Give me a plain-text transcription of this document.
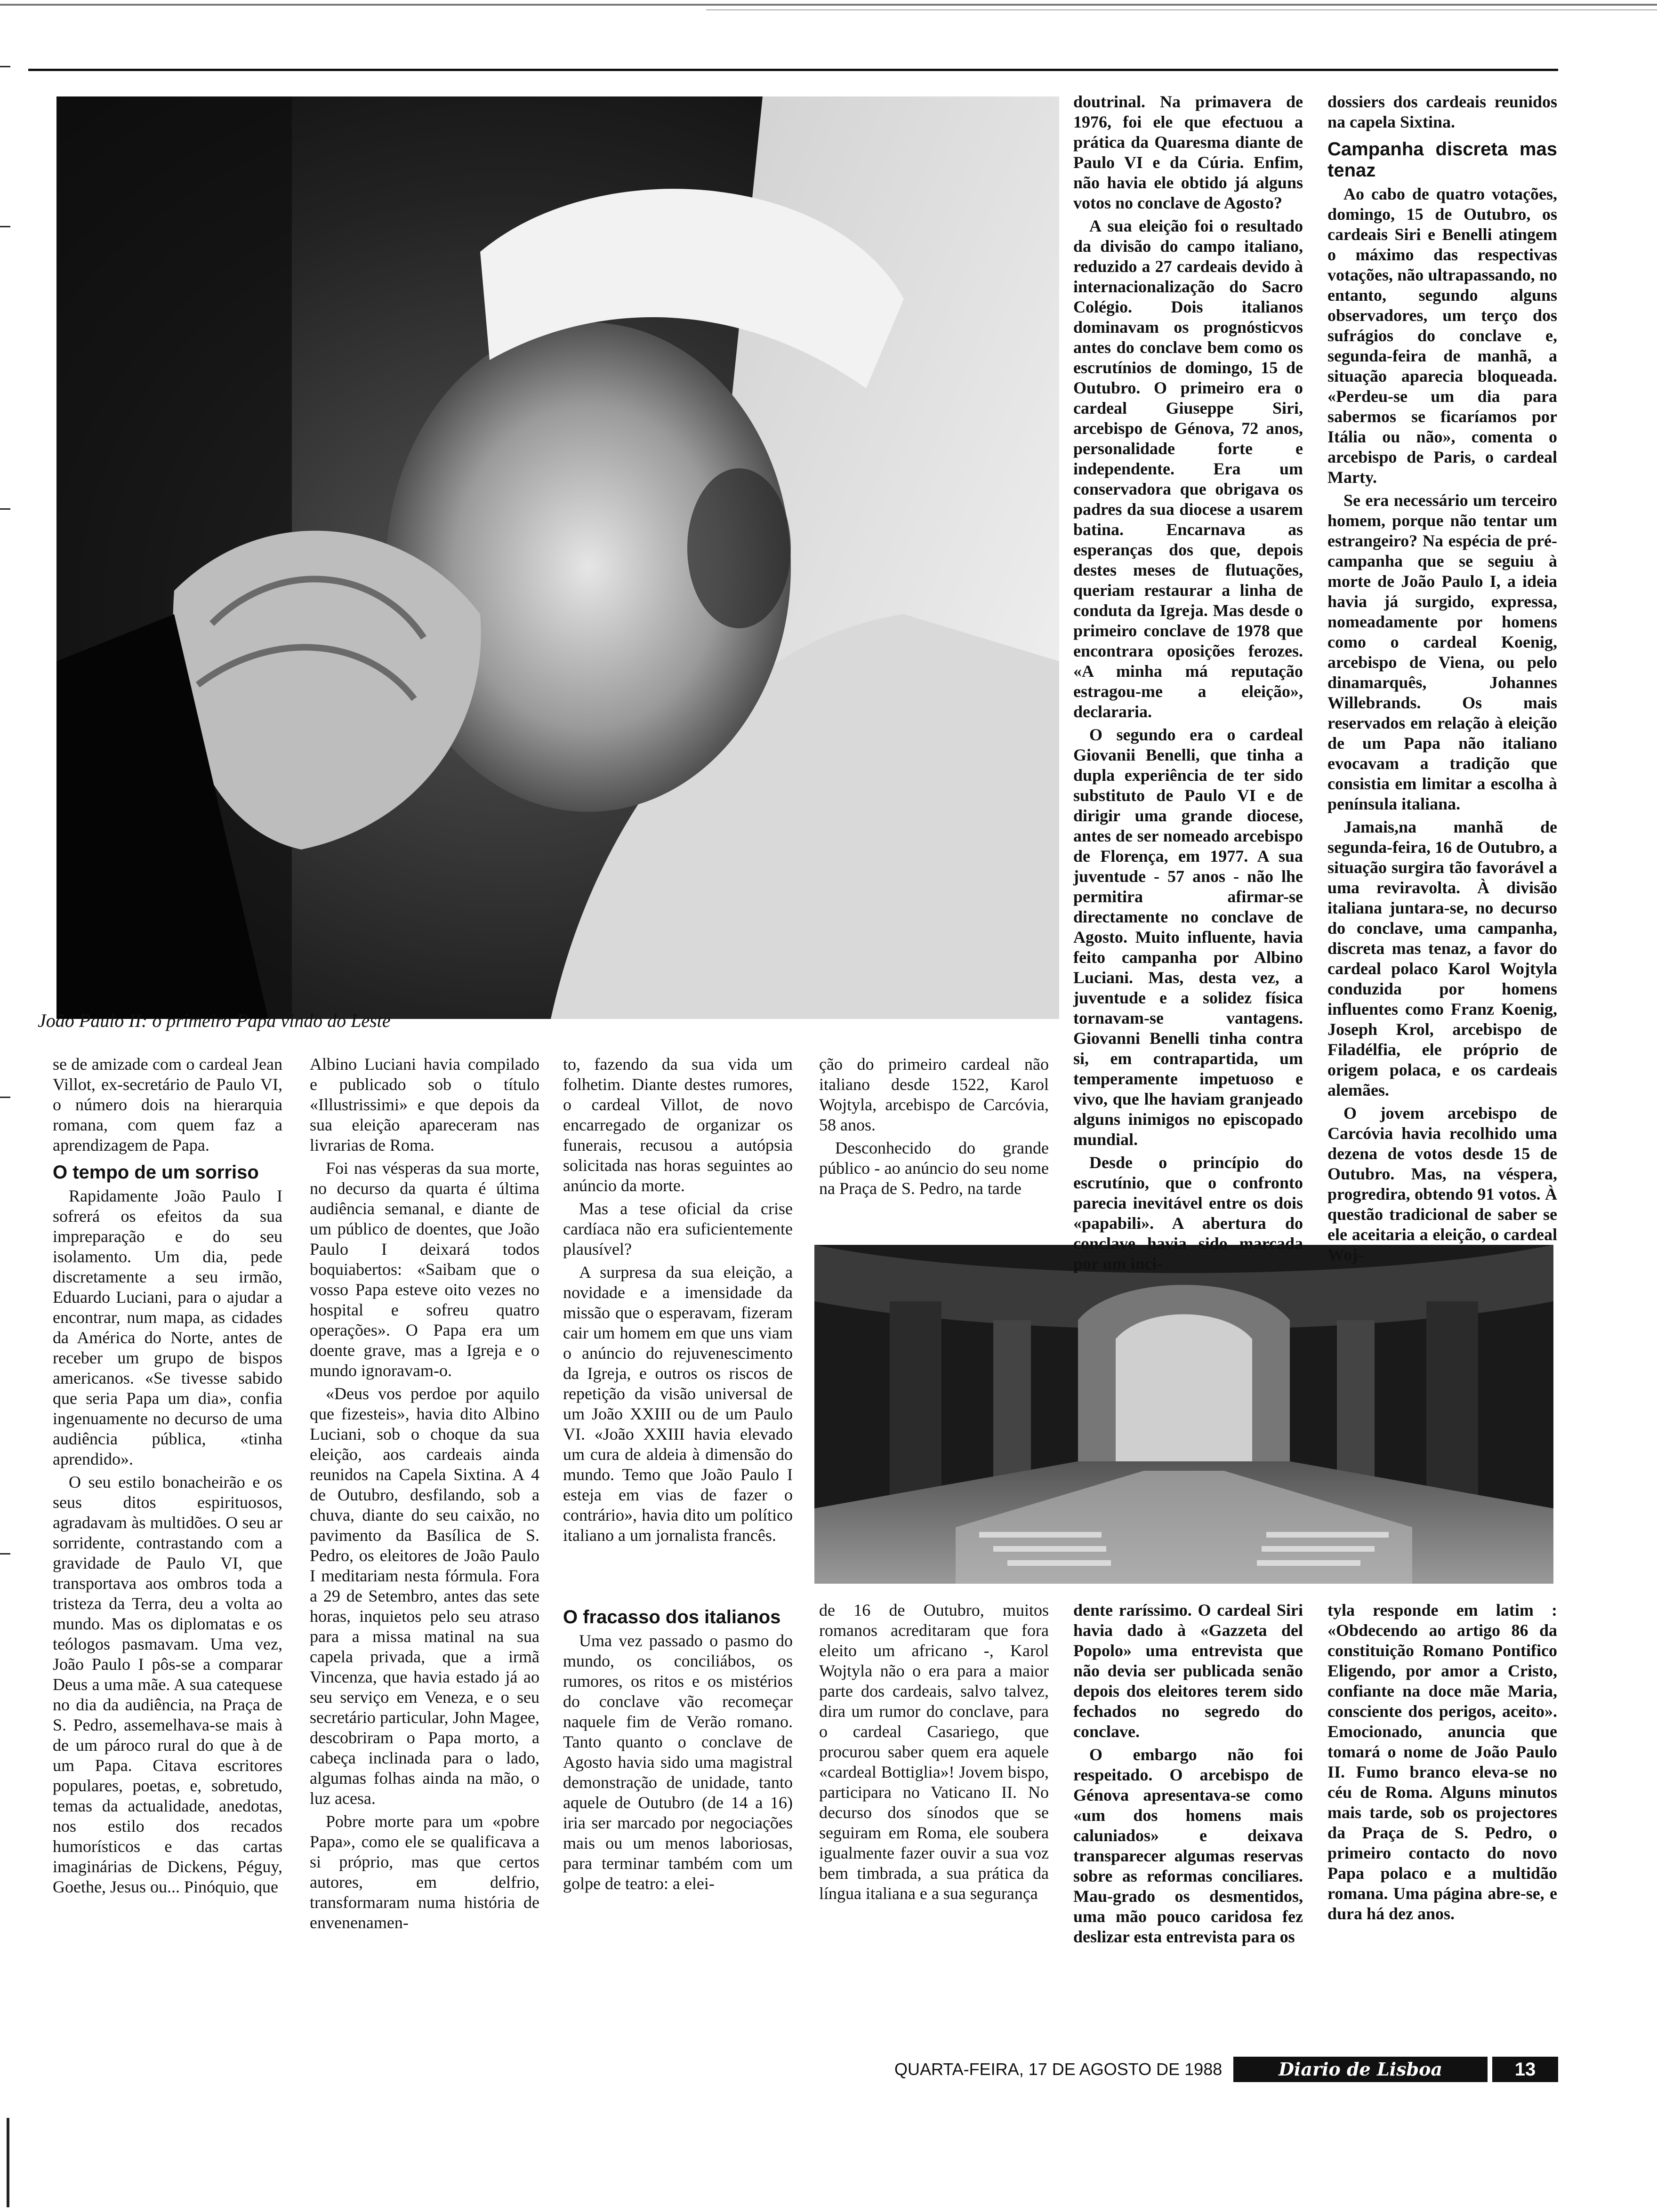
João Paulo II: o primeiro Papa vindo do Leste

se de amizade com o cardeal Jean Villot, ex-secretário de Paulo VI, o número dois na hierarquia romana, com quem faz a aprendizagem de Papa.

O tempo de um sorriso

Rapidamente João Paulo I sofrerá os efeitos da sua impreparação e do seu isolamento. Um dia, pede discretamente a seu irmão, Eduardo Luciani, para o ajudar a encontrar, num mapa, as cidades da América do Norte, antes de receber um grupo de bispos americanos. «Se tivesse sabido que seria Papa um dia», confia ingenuamente no decurso de uma audiência pública, «tinha aprendido».

O seu estilo bonacheirão e os seus ditos espirituosos, agradavam às multidões. O seu ar sorridente, contrastando com a gravidade de Paulo VI, que transportava aos ombros toda a tristeza da Terra, deu a volta ao mundo. Mas os diplomatas e os teólogos pasmavam. Uma vez, João Paulo I pôs-se a comparar Deus a uma mãe. A sua catequese no dia da audiência, na Praça de S. Pedro, assemelhava-se mais à de um pároco rural do que à de um Papa. Citava escritores populares, poetas, e, sobretudo, temas da actualidade, anedotas, nos estilo dos recados humorísticos e das cartas imaginárias de Dickens, Péguy, Goethe, Jesus ou... Pinóquio, que

Albino Luciani havia compilado e publicado sob o título «Illustrissimi» e que depois da sua eleição apareceram nas livrarias de Roma.

Foi nas vésperas da sua morte, no decurso da quarta é última audiência semanal, e diante de um público de doentes, que João Paulo I deixará todos boquiabertos: «Saibam que o vosso Papa esteve oito vezes no hospital e sofreu quatro operações». O Papa era um doente grave, mas a Igreja e o mundo ignoravam-o.

«Deus vos perdoe por aquilo que fizesteis», havia dito Albino Luciani, sob o choque da sua eleição, aos cardeais ainda reunidos na Capela Sixtina. A 4 de Outubro, desfilando, sob a chuva, diante do seu caixão, no pavimento da Basílica de S. Pedro, os eleitores de João Paulo I meditariam nesta fórmula. Fora a 29 de Setembro, antes das sete horas, inquietos pelo seu atraso para a missa matinal na sua capela privada, que a irmã Vincenza, que havia estado já ao seu serviço em Veneza, e o seu secretário particular, John Magee, descobriram o Papa morto, a cabeça inclinada para o lado, algumas folhas ainda na mão, o luz acesa.

Pobre morte para um «pobre Papa», como ele se qualificava a si próprio, mas que certos autores, em delfrio, transformaram numa história de envenenamen-

to, fazendo da sua vida um folhetim. Diante destes rumores, o cardeal Villot, de novo encarregado de organizar os funerais, recusou a autópsia solicitada nas horas seguintes ao anúncio da morte.

Mas a tese oficial da crise cardíaca não era suficientemente plausível?

A surpresa da sua eleição, a novidade e a imensidade da missão que o esperavam, fizeram cair um homem em que uns viam o anúncio do rejuvenescimento da Igreja, e outros os riscos de repetição da visão universal de um João XXIII ou de um Paulo VI. «João XXIII havia elevado um cura de aldeia à dimensão do mundo. Temo que João Paulo I esteja em vias de fazer o contrário», havia dito um político italiano a um jornalista francês.

O fracasso dos italianos

Uma vez passado o pasmo do mundo, os conciliábos, os rumores, os ritos e os mistérios do conclave vão recomeçar naquele fim de Verão romano. Tanto quanto o conclave de Agosto havia sido uma magistral demonstração de unidade, tanto aquele de Outubro (de 14 a 16) iria ser marcado por negociações mais ou um menos laboriosas, para terminar também com um golpe de teatro: a elei-

ção do primeiro cardeal não italiano desde 1522, Karol Wojtyla, arcebispo de Carcóvia, 58 anos.

Desconhecido do grande público - ao anúncio do seu nome na Praça de S. Pedro, na tarde

de 16 de Outubro, muitos romanos acreditaram que fora eleito um africano -, Karol Wojtyla não o era para a maior parte dos cardeais, salvo talvez, dira um rumor do conclave, para o cardeal Casariego, que procurou saber quem era aquele «cardeal Bottiglia»! Jovem bispo, participara no Vaticano II. No decurso dos sínodos que se seguiram em Roma, ele soubera igualmente fazer ouvir a sua voz bem timbrada, a sua prática da língua italiana e a sua segurança

doutrinal. Na primavera de 1976, foi ele que efectuou a prática da Quaresma diante de Paulo VI e da Cúria. Enfim, não havia ele obtido já alguns votos no conclave de Agosto?

A sua eleição foi o resultado da divisão do campo italiano, reduzido a 27 cardeais devido à internacionalização do Sacro Colégio. Dois italianos dominavam os prognósticvos antes do conclave bem como os escrutínios de domingo, 15 de Outubro. O primeiro era o cardeal Giuseppe Siri, arcebispo de Génova, 72 anos, personalidade forte e independente. Era um conservadora que obrigava os padres da sua diocese a usarem batina. Encarnava as esperanças dos que, depois destes meses de flutuações, queriam restaurar a linha de conduta da Igreja. Mas desde o primeiro conclave de 1978 que encontrara oposições ferozes. «A minha má reputação estragou-me a eleição», declararia.

O segundo era o cardeal Giovanii Benelli, que tinha a dupla experiência de ter sido substituto de Paulo VI e de dirigir uma grande diocese, antes de ser nomeado arcebispo de Florença, em 1977. A sua juventude - 57 anos - não lhe permitira afirmar-se directamente no conclave de Agosto. Muito influente, havia feito campanha por Albino Luciani. Mas, desta vez, a juventude e a solidez física tornavam-se vantagens. Giovanni Benelli tinha contra si, em contrapartida, um temperamente impetuoso e vivo, que lhe haviam granjeado alguns inimigos no episcopado mundial.

Desde o princípio do escrutínio, que o confronto parecia inevitável entre os dois «papabili». A abertura do conclave havia sido marcada por um inci-

dente raríssimo. O cardeal Siri havia dado à «Gazzeta del Popolo» uma entrevista que não devia ser publicada senão depois dos eleitores terem sido fechados no segredo do conclave.

O embargo não foi respeitado. O arcebispo de Génova apresentava-se como «um dos homens mais caluniados» e deixava transparecer algumas reservas sobre as reformas conciliares. Mau-grado os desmentidos, uma mão pouco caridosa fez deslizar esta entrevista para os

dossiers dos cardeais reunidos na capela Sixtina.

Campanha discreta mas tenaz

Ao cabo de quatro votações, domingo, 15 de Outubro, os cardeais Siri e Benelli atingem o máximo das respectivas votações, não ultrapassando, no entanto, segundo alguns observadores, um terço dos sufrágios do conclave e, segunda-feira de manhã, a situação aparecia bloqueada. «Perdeu-se um dia para sabermos se ficaríamos por Itália ou não», comenta o arcebispo de Paris, o cardeal Marty.

Se era necessário um terceiro homem, porque não tentar um estrangeiro? Na espécia de pré-campanha que se seguiu à morte de João Paulo I, a ideia havia já surgido, expressa, nomeadamente por homens como o cardeal Koenig, arcebispo de Viena, ou pelo dinamarquês, Johannes Willebrands. Os mais reservados em relação à eleição de um Papa não italiano evocavam a tradição que consistia em limitar a escolha à península italiana.

Jamais,na manhã de segunda-feira, 16 de Outubro, a situação surgira tão favorável a uma reviravolta. À divisão italiana juntara-se, no decurso do conclave, uma campanha, discreta mas tenaz, a favor do cardeal polaco Karol Wojtyla conduzida por homens influentes como Franz Koenig, Joseph Krol, arcebispo de Filadélfia, ele próprio de origem polaca, e os cardeais alemães.

O jovem arcebispo de Carcóvia havia recolhido uma dezena de votos desde 15 de Outubro. Mas, na véspera, progredira, obtendo 91 votos. À questão tradicional de saber se ele aceitaria a eleição, o cardeal Woj-

tyla responde em latim : «Obdecendo ao artigo 86 da constituição Romano Pontifico Eligendo, por amor a Cristo, confiante na doce mãe Maria, consciente dos perigos, aceito». Emocionado, anuncia que tomará o nome de João Paulo II. Fumo branco eleva-se no céu de Roma. Alguns minutos mais tarde, sob os projectores da Praça de S. Pedro, o primeiro contacto do novo Papa polaco e a multidão romana. Uma página abre-se, e dura há dez anos.

QUARTA-FEIRA, 17 DE AGOSTO DE 1988	Diario de Lisboa	13
